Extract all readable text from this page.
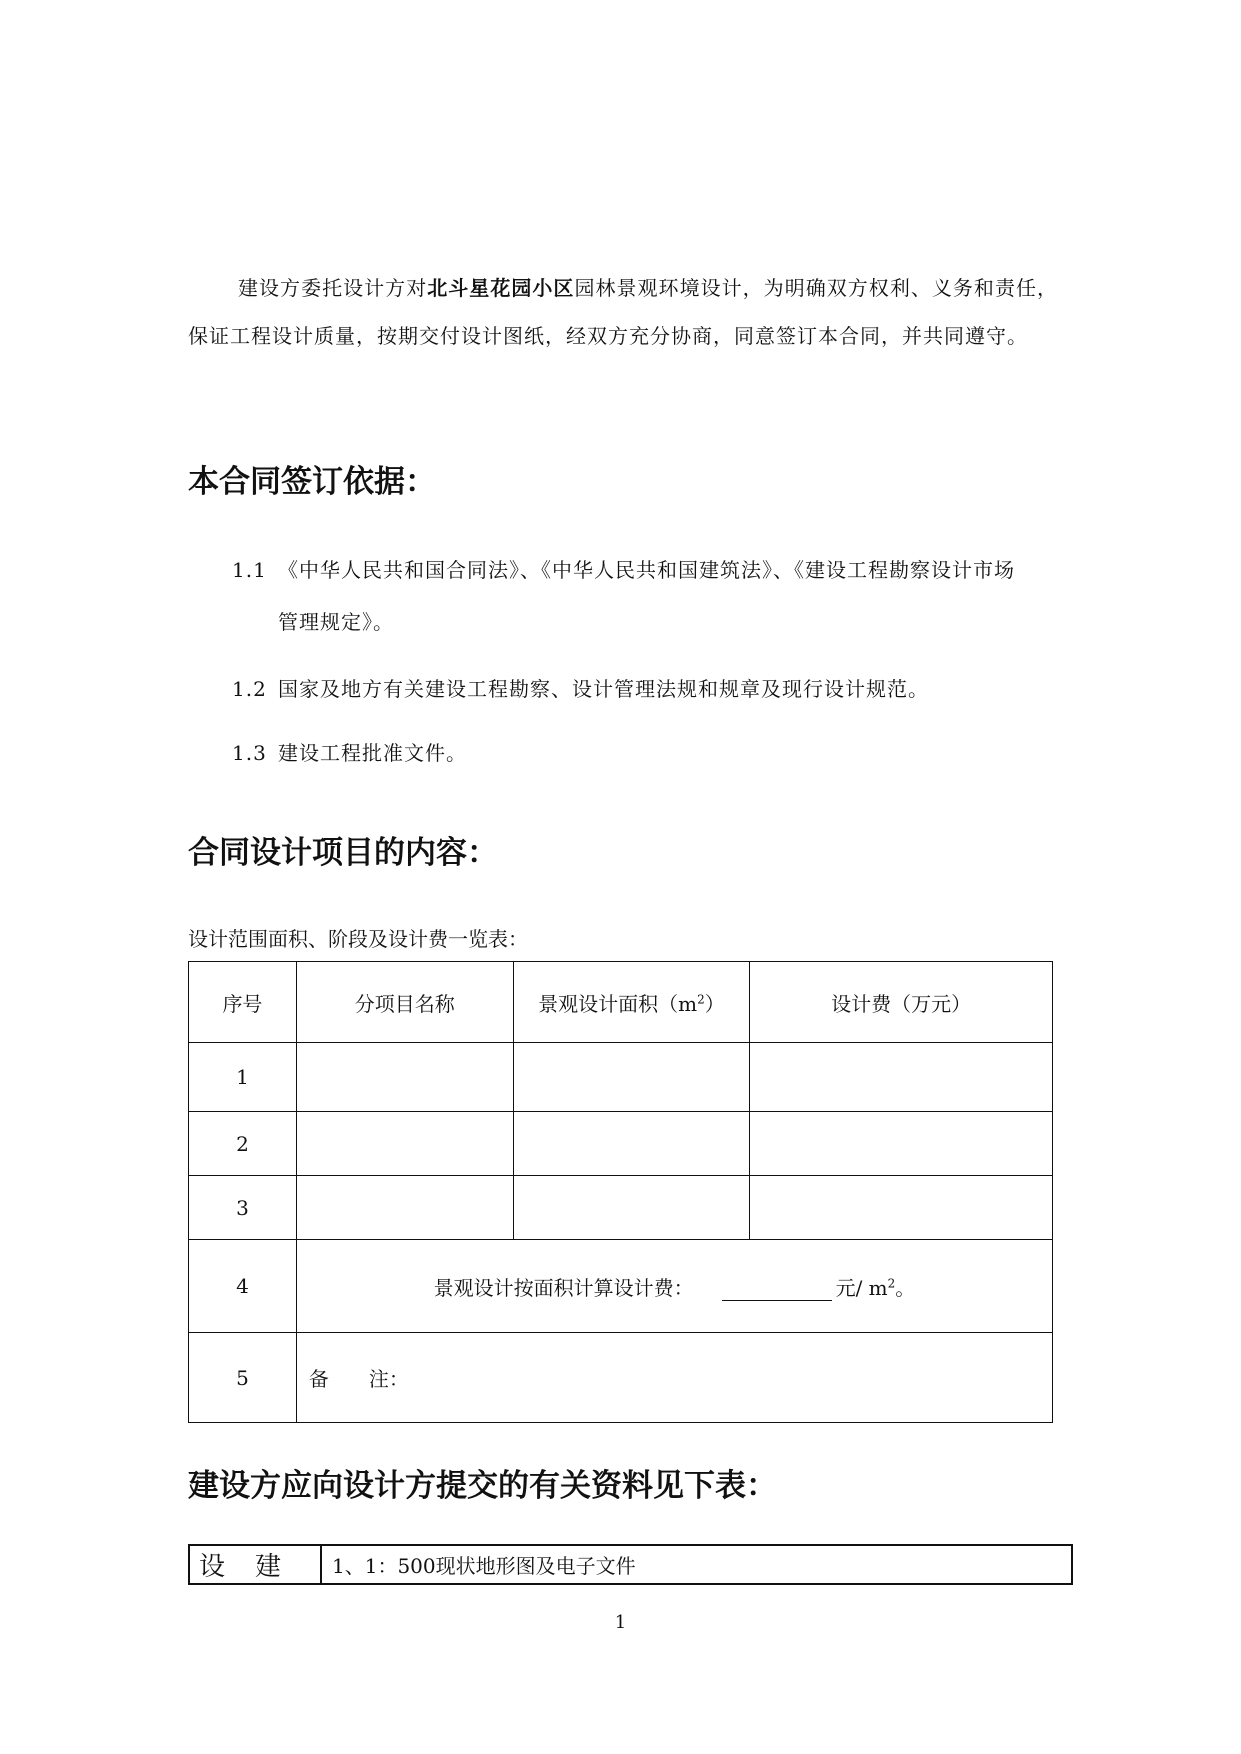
建设方委托设计方对北斗星花园小区园林景观环境设计，为明确双方权利、义务和责任，保证工程设计质量，按期交付设计图纸，经双方充分协商，同意签订本合同，并共同遵守。
本合同签订依据：
1.1 《中华人民共和国合同法》、《中华人民共和国建筑法》、《建设工程勘察设计市场
管理规定》。
1.2 国家及地方有关建设工程勘察、设计管理法规和规章及现行设计规范。
1.3 建设工程批准文件。
合同设计项目的内容：
设计范围面积、阶段及设计费一览表：
序号	分项目名称	景观设计面积$(m^2)$	设计费（万元）
1			
2			
3			
4	景观设计按面积计算设计费： 元/ $m^2$。		
5	备　　注：		
建设方应向设计方提交的有关资料见下表：
设建	1、1：500现状地形图及电子文件
1
